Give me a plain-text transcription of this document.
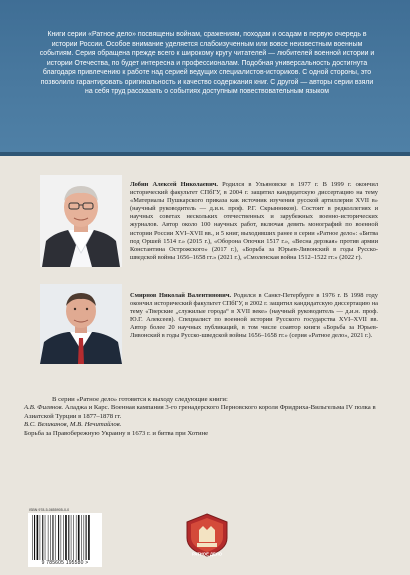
Книги серии «Ратное дело» посвящены войнам, сражениям, походам и осадам в первую очередь в истории России. Особое внимание уделяется слабоизученным или вовсе неизвестным военным событиям. Серия обращена прежде всего к широкому кругу читателей — любителей военной истории и истории Отечества, по будет интересна и профессионалам. Подобная универсальность достигнута благодаря привлечению к работе над серией ведущих специалистов-историков. С одной стороны, это позволило гарантировать оригинальность и качество содержания книг. С другой — авторы серии взяли на себя труд рассказать о событиях доступным повествовательным языком

Лобин Алексей Николаевич. Родился в Ульяновске в 1977 г. В 1999 г. окончил исторический факультет СПбГУ, в 2004 г. защитил кандидатскую диссертацию на тему «Материалы Пушкарского приказа как источник изучения русской артиллерии XVII в» (научный руководитель — д.и.н. проф. Р.Г. Скрынников). Состоит в редколлегиях и научных советах нескольких отечественных и зарубежных военно-исторических журналов. Автор около 100 научных работ, включая девять монографий по военной истории России XVI–XVII вв., и 5 книг, выходивших ранее в серии «Ратное дело»: «Битва под Оршей 1514 г.» (2015 г.), «Оборона Опочки 1517 г.», «Весна дерзкая» против армии Константина Острожского» (2017 г.), «Борьба за Юрьев-Ливонский в годы Русско-шведской войны 1656–1658 гг.» (2021 г.), «Смоленская война 1512–1522 гг.» (2022 г).

Смирнов Николай Валентинович. Родился в Санкт-Петербурге в 1976 г. В 1998 году окончил исторический факультет СПбГУ, в 2002 г. защитил кандидатскую диссертацию на тему «Тверские „служилые города“ в XVII веке» (научный руководитель — д.и.н. проф. Ю.Г. Алексеев). Специалист по военной истории Русского государства XVI–XVII вв. Автор более 20 научных публикаций, в том числе соавтор книги «Борьба за Юрьев-Ливонский в годы Русско-шведской войны 1656–1658 гг.» (серия «Ратное дело», 2021 г.).

В серии «Ратное дело» готовятся к выходу следующие книги:

А.В. Филянов. Аладжа и Карс. Военная кампания 3-го гренадерского Перновского короля Фридриха-Вильгельма IV полка в Азиатской Турции в 1877–1878 гг.

В.С. Великанов, М.В. Нечитайлов.
Борьба за Правобережную Украину в 1673 г. и битва при Хотине

ISBN 978-5-0855905-0-0
9 785605 195580 >
РАТНОЕ ДЕЛО
